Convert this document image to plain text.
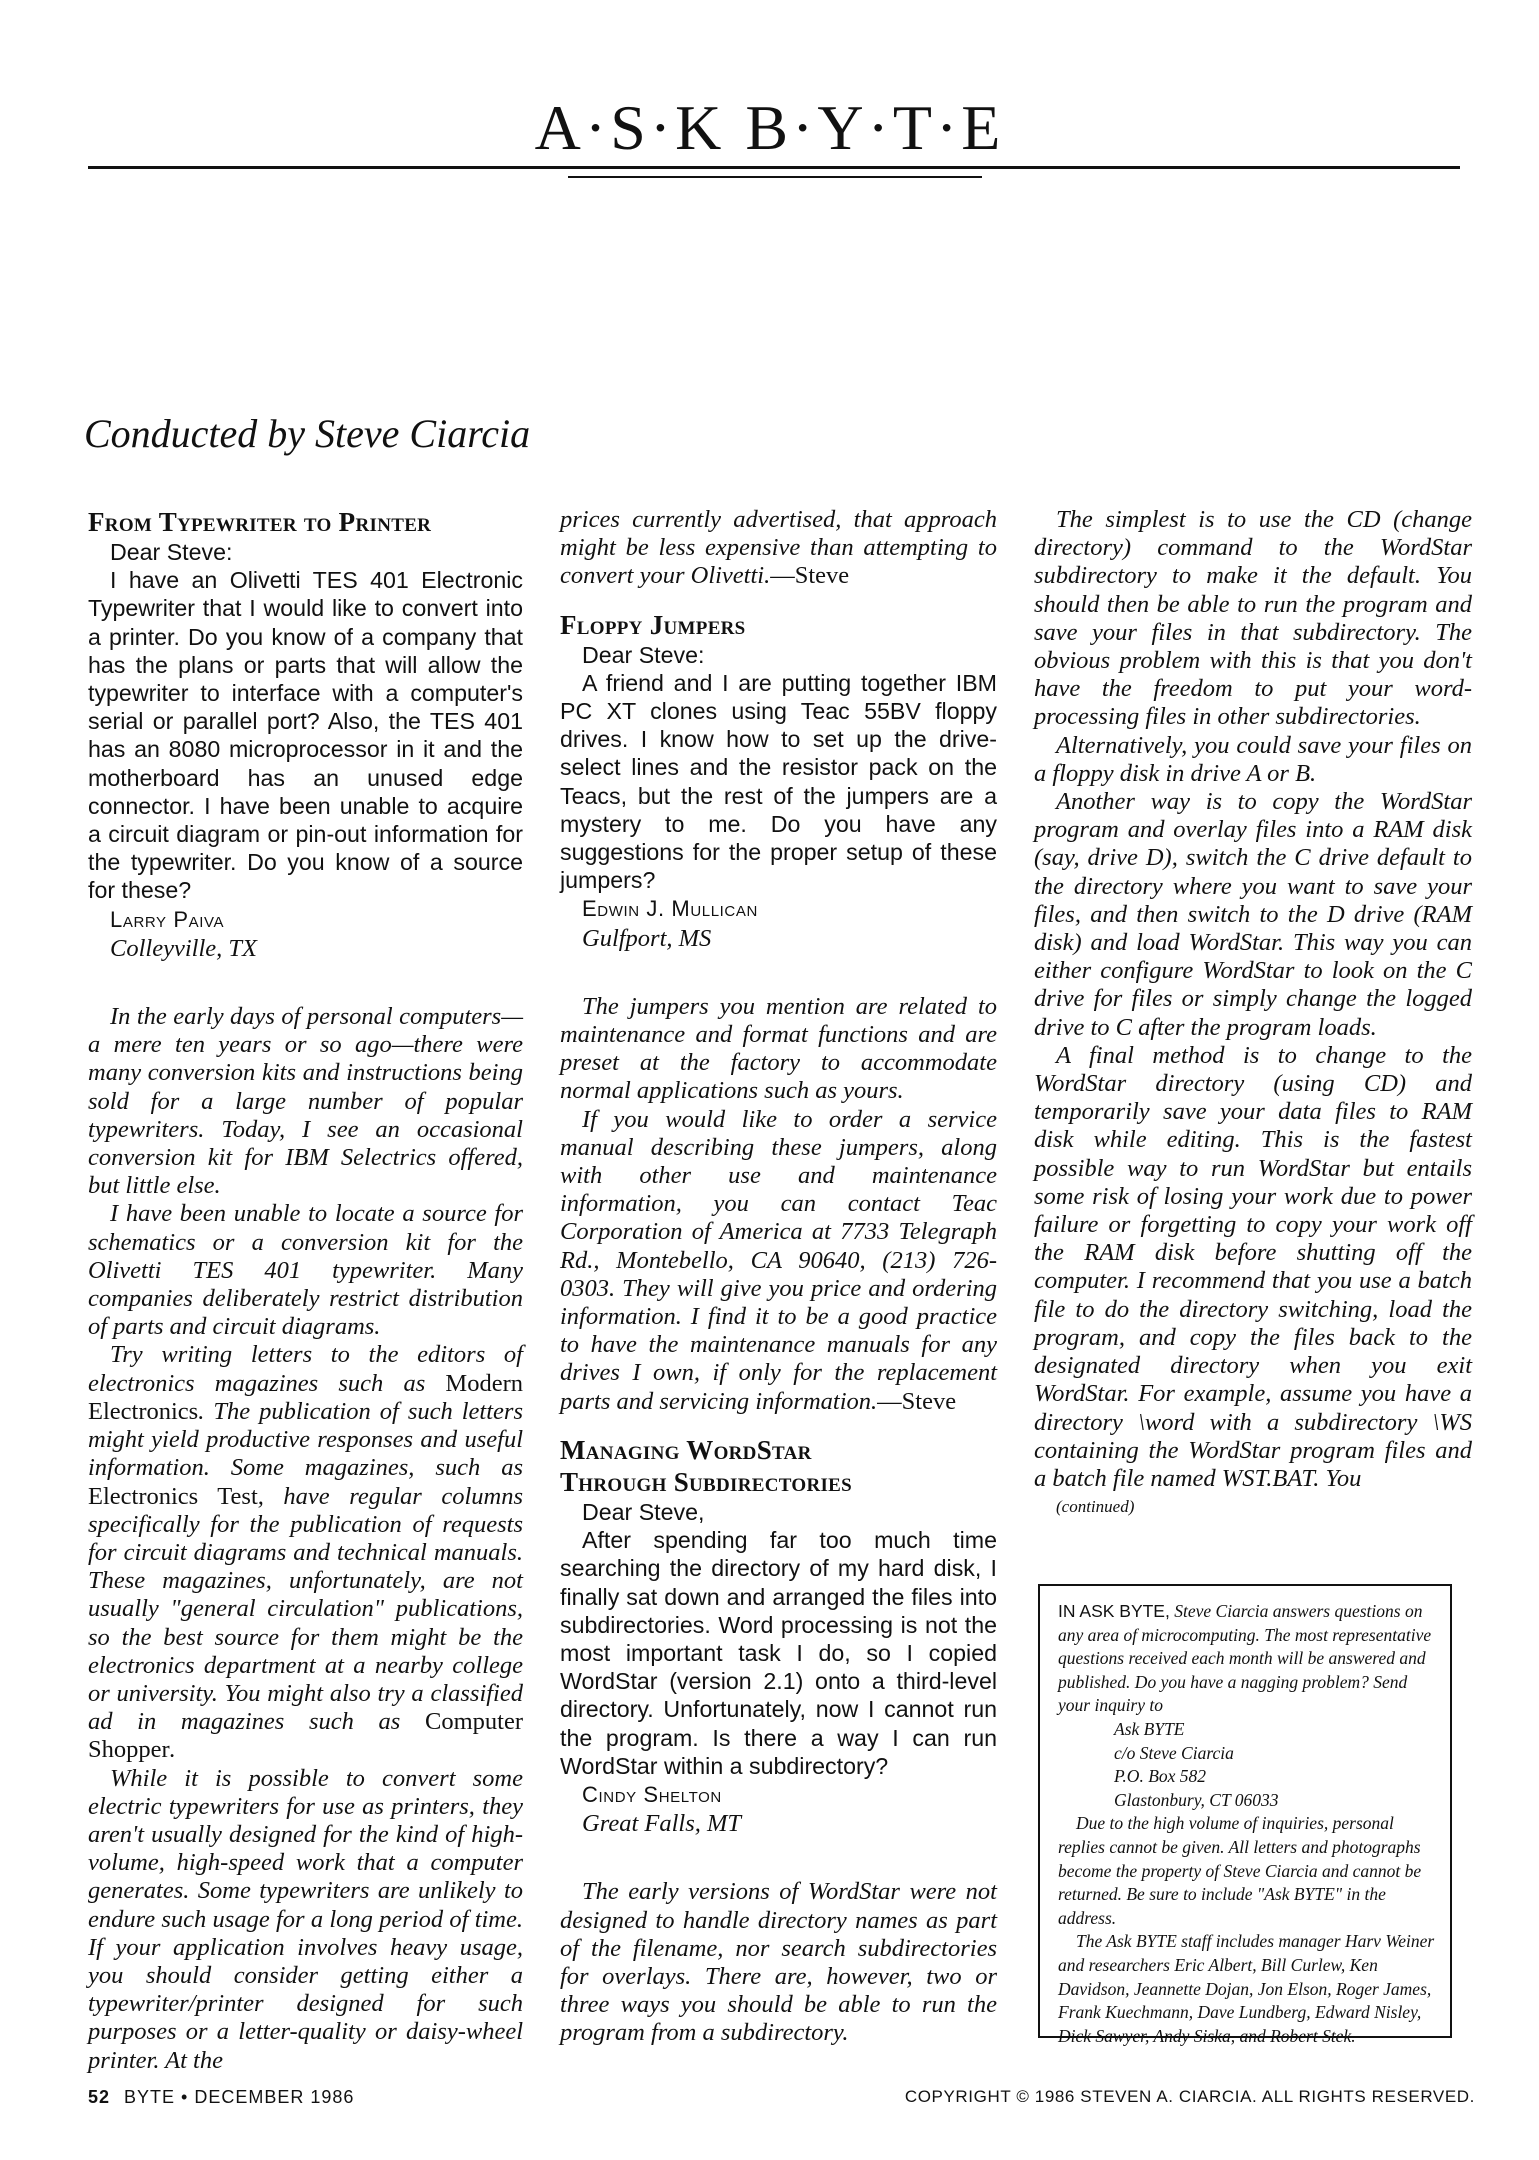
A·S·K B·Y·T·E
Conducted by Steve Ciarcia
From Typewriter to Printer

Dear Steve:

I have an Olivetti TES 401 Electronic Typewriter that I would like to convert into a printer. Do you know of a company that has the plans or parts that will allow the typewriter to interface with a computer's serial or parallel port? Also, the TES 401 has an 8080 microprocessor in it and the motherboard has an unused edge connector. I have been unable to acquire a circuit diagram or pin-out information for the typewriter. Do you know of a source for these?

Larry Paiva

Colleyville, TX

In the early days of personal computers—a mere ten years or so ago—there were many conversion kits and instructions being sold for a large number of popular typewriters. Today, I see an occasional conversion kit for IBM Selectrics offered, but little else.

I have been unable to locate a source for schematics or a conversion kit for the Olivetti TES 401 typewriter. Many companies deliberately restrict distribution of parts and circuit diagrams.

Try writing letters to the editors of electronics magazines such as Modern Electronics. The publication of such letters might yield productive responses and useful information. Some magazines, such as Electronics Test, have regular columns specifically for the publication of requests for circuit diagrams and technical manuals. These magazines, unfortunately, are not usually "general circulation" publications, so the best source for them might be the electronics department at a nearby college or university. You might also try a classified ad in magazines such as Computer Shopper.

While it is possible to convert some electric typewriters for use as printers, they aren't usually designed for the kind of high-volume, high-speed work that a computer generates. Some typewriters are unlikely to endure such usage for a long period of time. If your application involves heavy usage, you should consider getting either a typewriter/printer designed for such purposes or a letter-quality or daisy-wheel printer. At the

prices currently advertised, that approach might be less expensive than attempting to convert your Olivetti.—Steve

Floppy Jumpers

Dear Steve:

A friend and I are putting together IBM PC XT clones using Teac 55BV floppy drives. I know how to set up the drive-select lines and the resistor pack on the Teacs, but the rest of the jumpers are a mystery to me. Do you have any suggestions for the proper setup of these jumpers?

Edwin J. Mullican

Gulfport, MS

The jumpers you mention are related to maintenance and format functions and are preset at the factory to accommodate normal applications such as yours.

If you would like to order a service manual describing these jumpers, along with other use and maintenance information, you can contact Teac Corporation of America at 7733 Telegraph Rd., Montebello, CA 90640, (213) 726-0303. They will give you price and ordering information. I find it to be a good practice to have the maintenance manuals for any drives I own, if only for the replacement parts and servicing information.—Steve

Managing WordStar
Through Subdirectories

Dear Steve,

After spending far too much time searching the directory of my hard disk, I finally sat down and arranged the files into subdirectories. Word processing is not the most important task I do, so I copied WordStar (version 2.1) onto a third-level directory. Unfortunately, now I cannot run the program. Is there a way I can run WordStar within a subdirectory?

Cindy Shelton

Great Falls, MT

The early versions of WordStar were not designed to handle directory names as part of the filename, nor search subdirectories for overlays. There are, however, two or three ways you should be able to run the program from a subdirectory.

The simplest is to use the CD (change directory) command to the WordStar subdirectory to make it the default. You should then be able to run the program and save your files in that subdirectory. The obvious problem with this is that you don't have the freedom to put your word-processing files in other subdirectories.

Alternatively, you could save your files on a floppy disk in drive A or B.

Another way is to copy the WordStar program and overlay files into a RAM disk (say, drive D), switch the C drive default to the directory where you want to save your files, and then switch to the D drive (RAM disk) and load WordStar. This way you can either configure WordStar to look on the C drive for files or simply change the logged drive to C after the program loads.

A final method is to change to the WordStar directory (using CD) and temporarily save your data files to RAM disk while editing. This is the fastest possible way to run WordStar but entails some risk of losing your work due to power failure or forgetting to copy your work off the RAM disk before shutting off the computer. I recommend that you use a batch file to do the directory switching, load the program, and copy the files back to the designated directory when you exit WordStar. For example, assume you have a directory \word with a subdirectory \WS containing the WordStar program files and a batch file named WST.BAT. You

(continued)

IN ASK BYTE, Steve Ciarcia answers questions on any area of microcomputing. The most representative questions received each month will be answered and published. Do you have a nagging problem? Send your inquiry to

Ask BYTE

c/o Steve Ciarcia

P.O. Box 582

Glastonbury, CT 06033

Due to the high volume of inquiries, personal replies cannot be given. All letters and photographs become the property of Steve Ciarcia and cannot be returned. Be sure to include "Ask BYTE" in the address.

The Ask BYTE staff includes manager Harv Weiner and researchers Eric Albert, Bill Curlew, Ken Davidson, Jeannette Dojan, Jon Elson, Roger James, Frank Kuechmann, Dave Lundberg, Edward Nisley, Dick Sawyer, Andy Siska, and Robert Stek.

52 BYTE • DECEMBER 1986	COPYRIGHT © 1986 STEVEN A. CIARCIA. ALL RIGHTS RESERVED.
